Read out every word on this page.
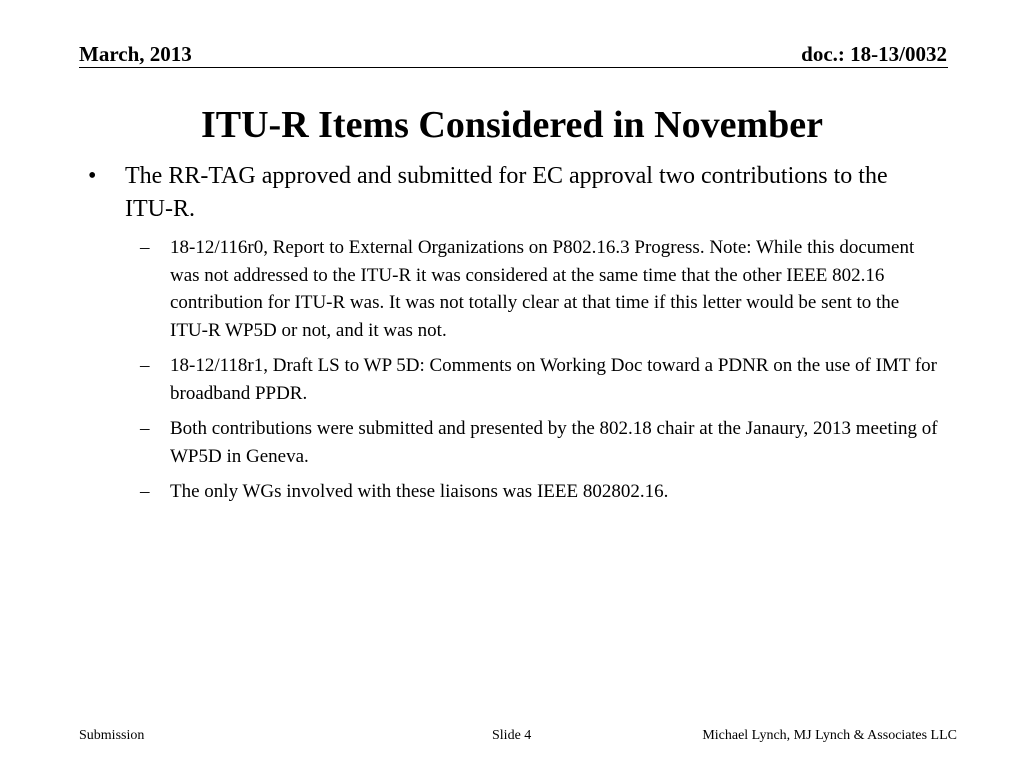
March, 2013	doc.: 18-13/0032
ITU-R Items Considered in November
• The RR-TAG approved and submitted for EC approval two contributions to the ITU-R.
– 18-12/116r0, Report to External Organizations on P802.16.3 Progress. Note: While this document was not addressed to the ITU-R it was considered at the same time that the other IEEE 802.16 contribution for ITU-R was. It was not totally clear at that time if this letter would be sent to the ITU-R WP5D or not, and it was not.
– 18-12/118r1, Draft LS to WP 5D: Comments on Working Doc toward a PDNR on the use of IMT for broadband PPDR.
– Both contributions were submitted and presented by the 802.18 chair at the Janaury, 2013 meeting of WP5D in Geneva.
– The only WGs involved with these liaisons was IEEE 802802.16.
Submission	Slide 4	Michael Lynch, MJ Lynch & Associates LLC
